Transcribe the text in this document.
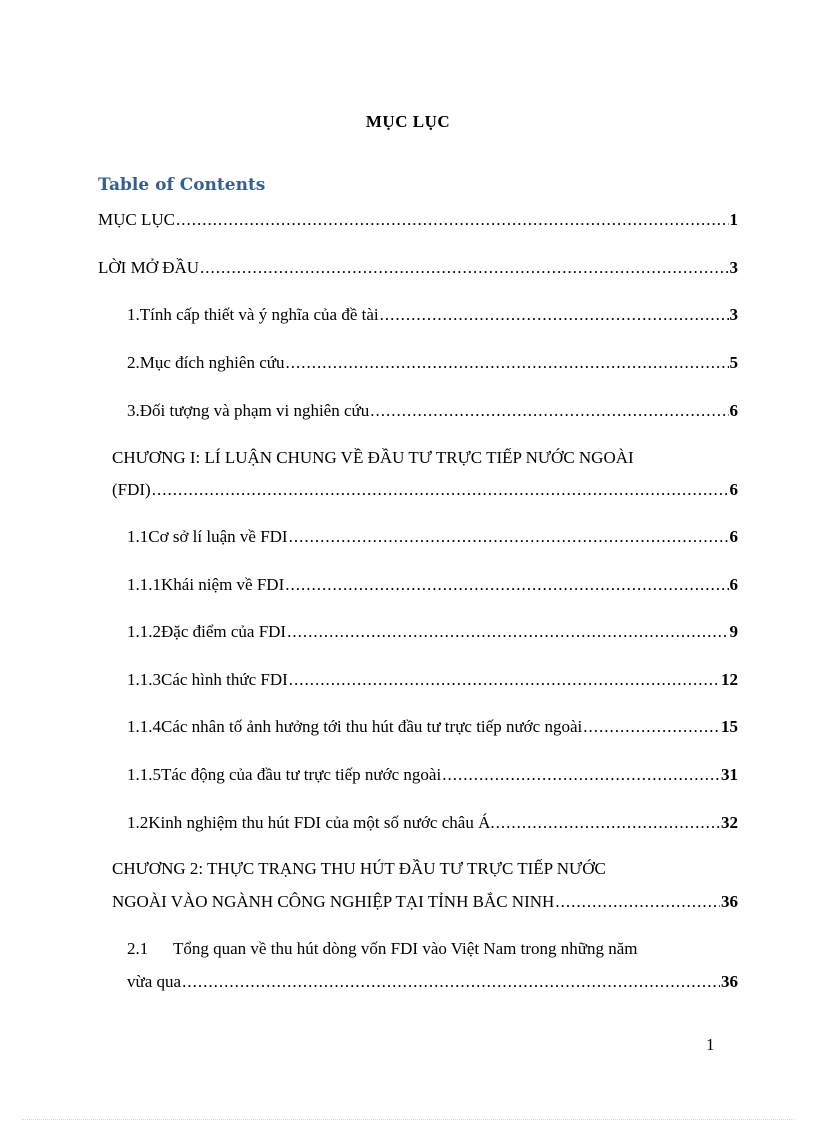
MỤC LỤC
Table of Contents
MỤC LỤC .....	1
LỜI MỞ ĐẦU .....	3
1. Tính cấp thiết và ý nghĩa của đề tài .....	3
2. Mục đích nghiên cứu .....	5
3. Đối tượng và phạm vi nghiên cứu .....	6
CHƯƠNG I: LÍ LUẬN CHUNG VỀ ĐẦU TƯ TRỰC TIẾP NƯỚC NGOÀI
(FDI) .....	6
1.1 Cơ sở lí luận về FDI .....	6
1.1.1 Khái niệm về FDI .....	6
1.1.2 Đặc điểm của FDI .....	9
1.1.3 Các hình thức FDI .....	12
1.1.4 Các nhân tố ảnh hưởng tới thu hút đầu tư trực tiếp nước ngoài .....	15
1.1.5 Tác động của đầu tư trực tiếp nước ngoài .....	31
1.2 Kinh nghiệm thu hút FDI của một số nước châu Á. .....	32
CHƯƠNG 2: THỰC TRẠNG THU HÚT ĐẦU TƯ TRỰC TIẾP NƯỚC
NGOÀI VÀO NGÀNH CÔNG NGHIỆP TẠI TỈNH BẮC NINH .....	36
2.1 Tổng quan về thu hút dòng vốn FDI vào Việt Nam trong những năm
vừa qua .....	36
1
